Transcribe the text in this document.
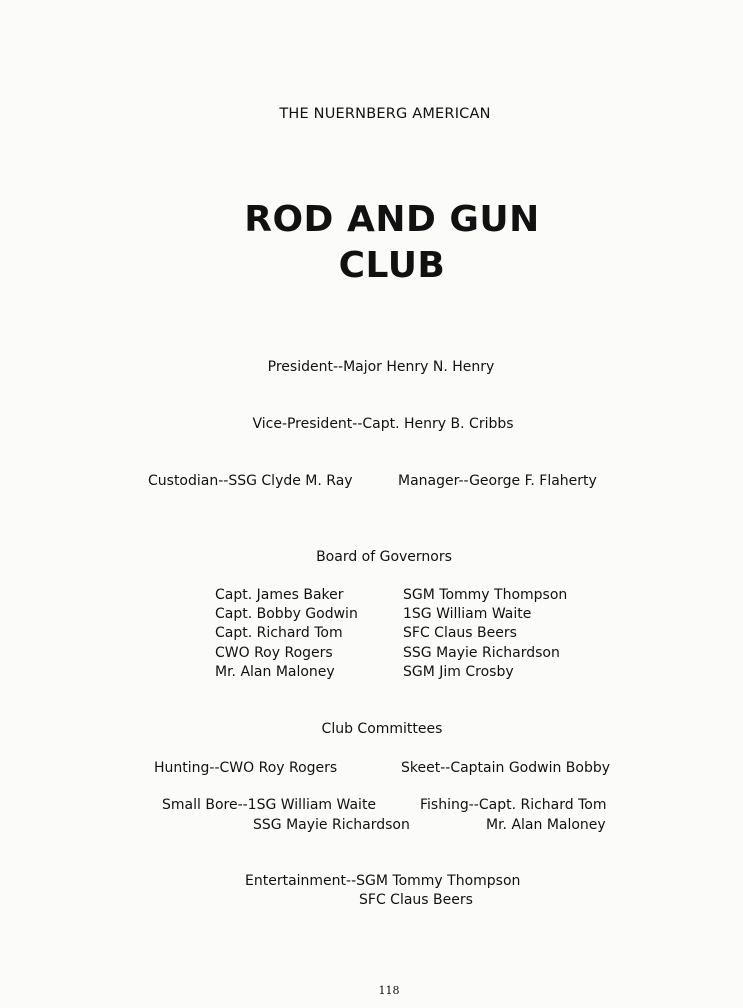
THE NUERNBERG AMERICAN
ROD AND GUN
CLUB
President--Major Henry N. Henry
Vice-President--Capt. Henry B. Cribbs
Custodian--SSG Clyde M. Ray	Manager--George F. Flaherty
Board of Governors
Capt. James Baker
Capt. Bobby Godwin
Capt. Richard Tom
CWO Roy Rogers
Mr. Alan Maloney
SGM Tommy Thompson
1SG William Waite
SFC Claus Beers
SSG Mayie Richardson
SGM Jim Crosby
Club Committees
Hunting--CWO Roy Rogers	Skeet--Captain Godwin Bobby
Small Bore--1SG William Waite
SSG Mayie Richardson
Fishing--Capt. Richard Tom
Mr. Alan Maloney
Entertainment--SGM Tommy Thompson
SFC Claus Beers
118
